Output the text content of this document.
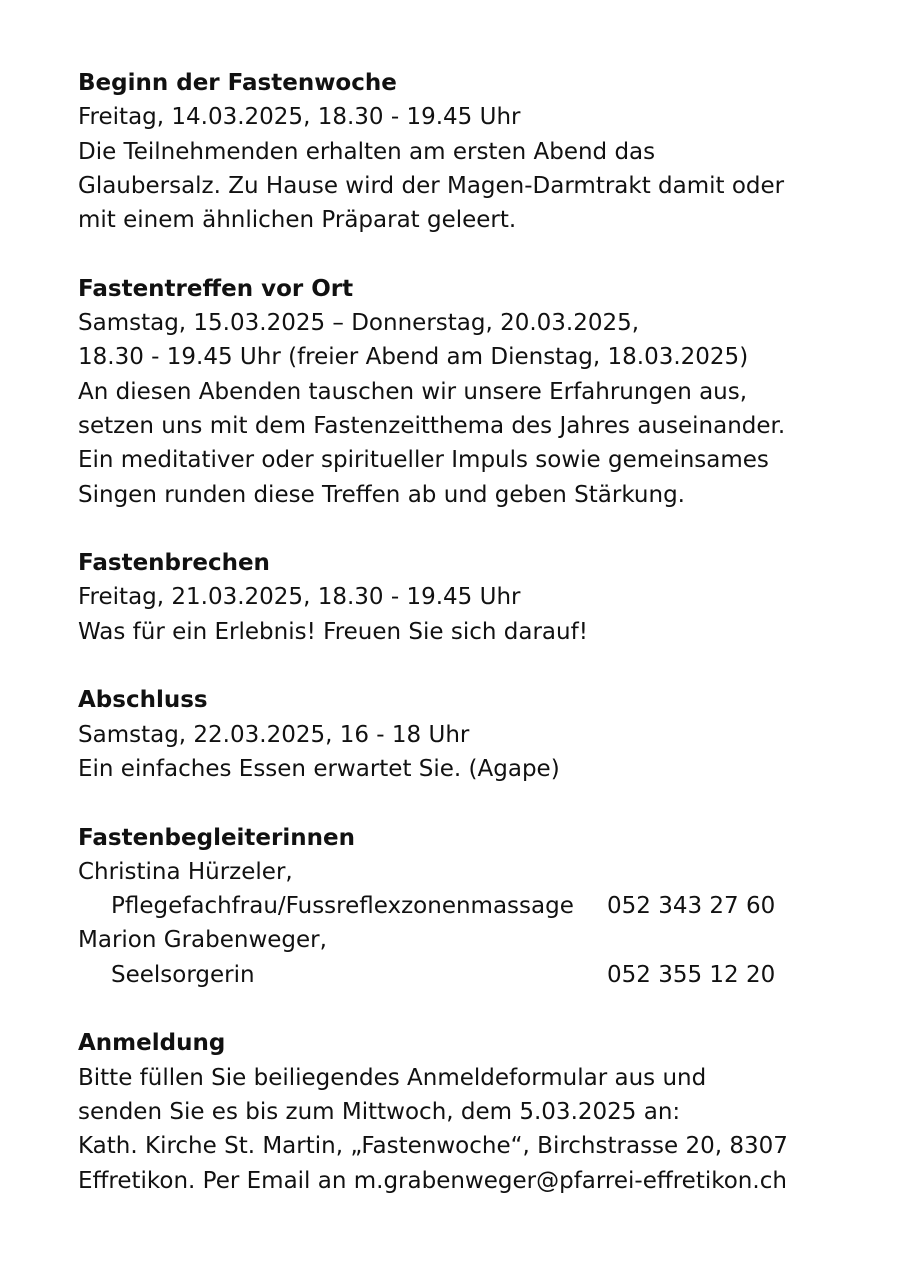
Beginn der Fastenwoche
Freitag, 14.03.2025, 18.30 - 19.45 Uhr
Die Teilnehmenden erhalten am ersten Abend das
Glaubersalz. Zu Hause wird der Magen-Darmtrakt damit oder
mit einem ähnlichen Präparat geleert.
Fastentreffen vor Ort
Samstag, 15.03.2025 – Donnerstag, 20.03.2025,
18.30 - 19.45 Uhr (freier Abend am Dienstag, 18.03.2025)
An diesen Abenden tauschen wir unsere Erfahrungen aus,
setzen uns mit dem Fastenzeitthema des Jahres auseinander.
Ein meditativer oder spiritueller Impuls sowie gemeinsames
Singen runden diese Treffen ab und geben Stärkung.
Fastenbrechen
Freitag, 21.03.2025, 18.30 - 19.45 Uhr
Was für ein Erlebnis! Freuen Sie sich darauf!
Abschluss
Samstag, 22.03.2025, 16 - 18 Uhr
Ein einfaches Essen erwartet Sie. (Agape)
Fastenbegleiterinnen
Christina Hürzeler,
Pflegefachfrau/Fussreflexzonenmassage	052 343 27 60
Marion Grabenweger,
Seelsorgerin	052 355 12 20
Anmeldung
Bitte füllen Sie beiliegendes Anmeldeformular aus und
senden Sie es bis zum Mittwoch, dem 5.03.2025 an:
Kath. Kirche St. Martin, „Fastenwoche“, Birchstrasse 20, 8307
Effretikon. Per Email an m.grabenweger@pfarrei-effretikon.ch
